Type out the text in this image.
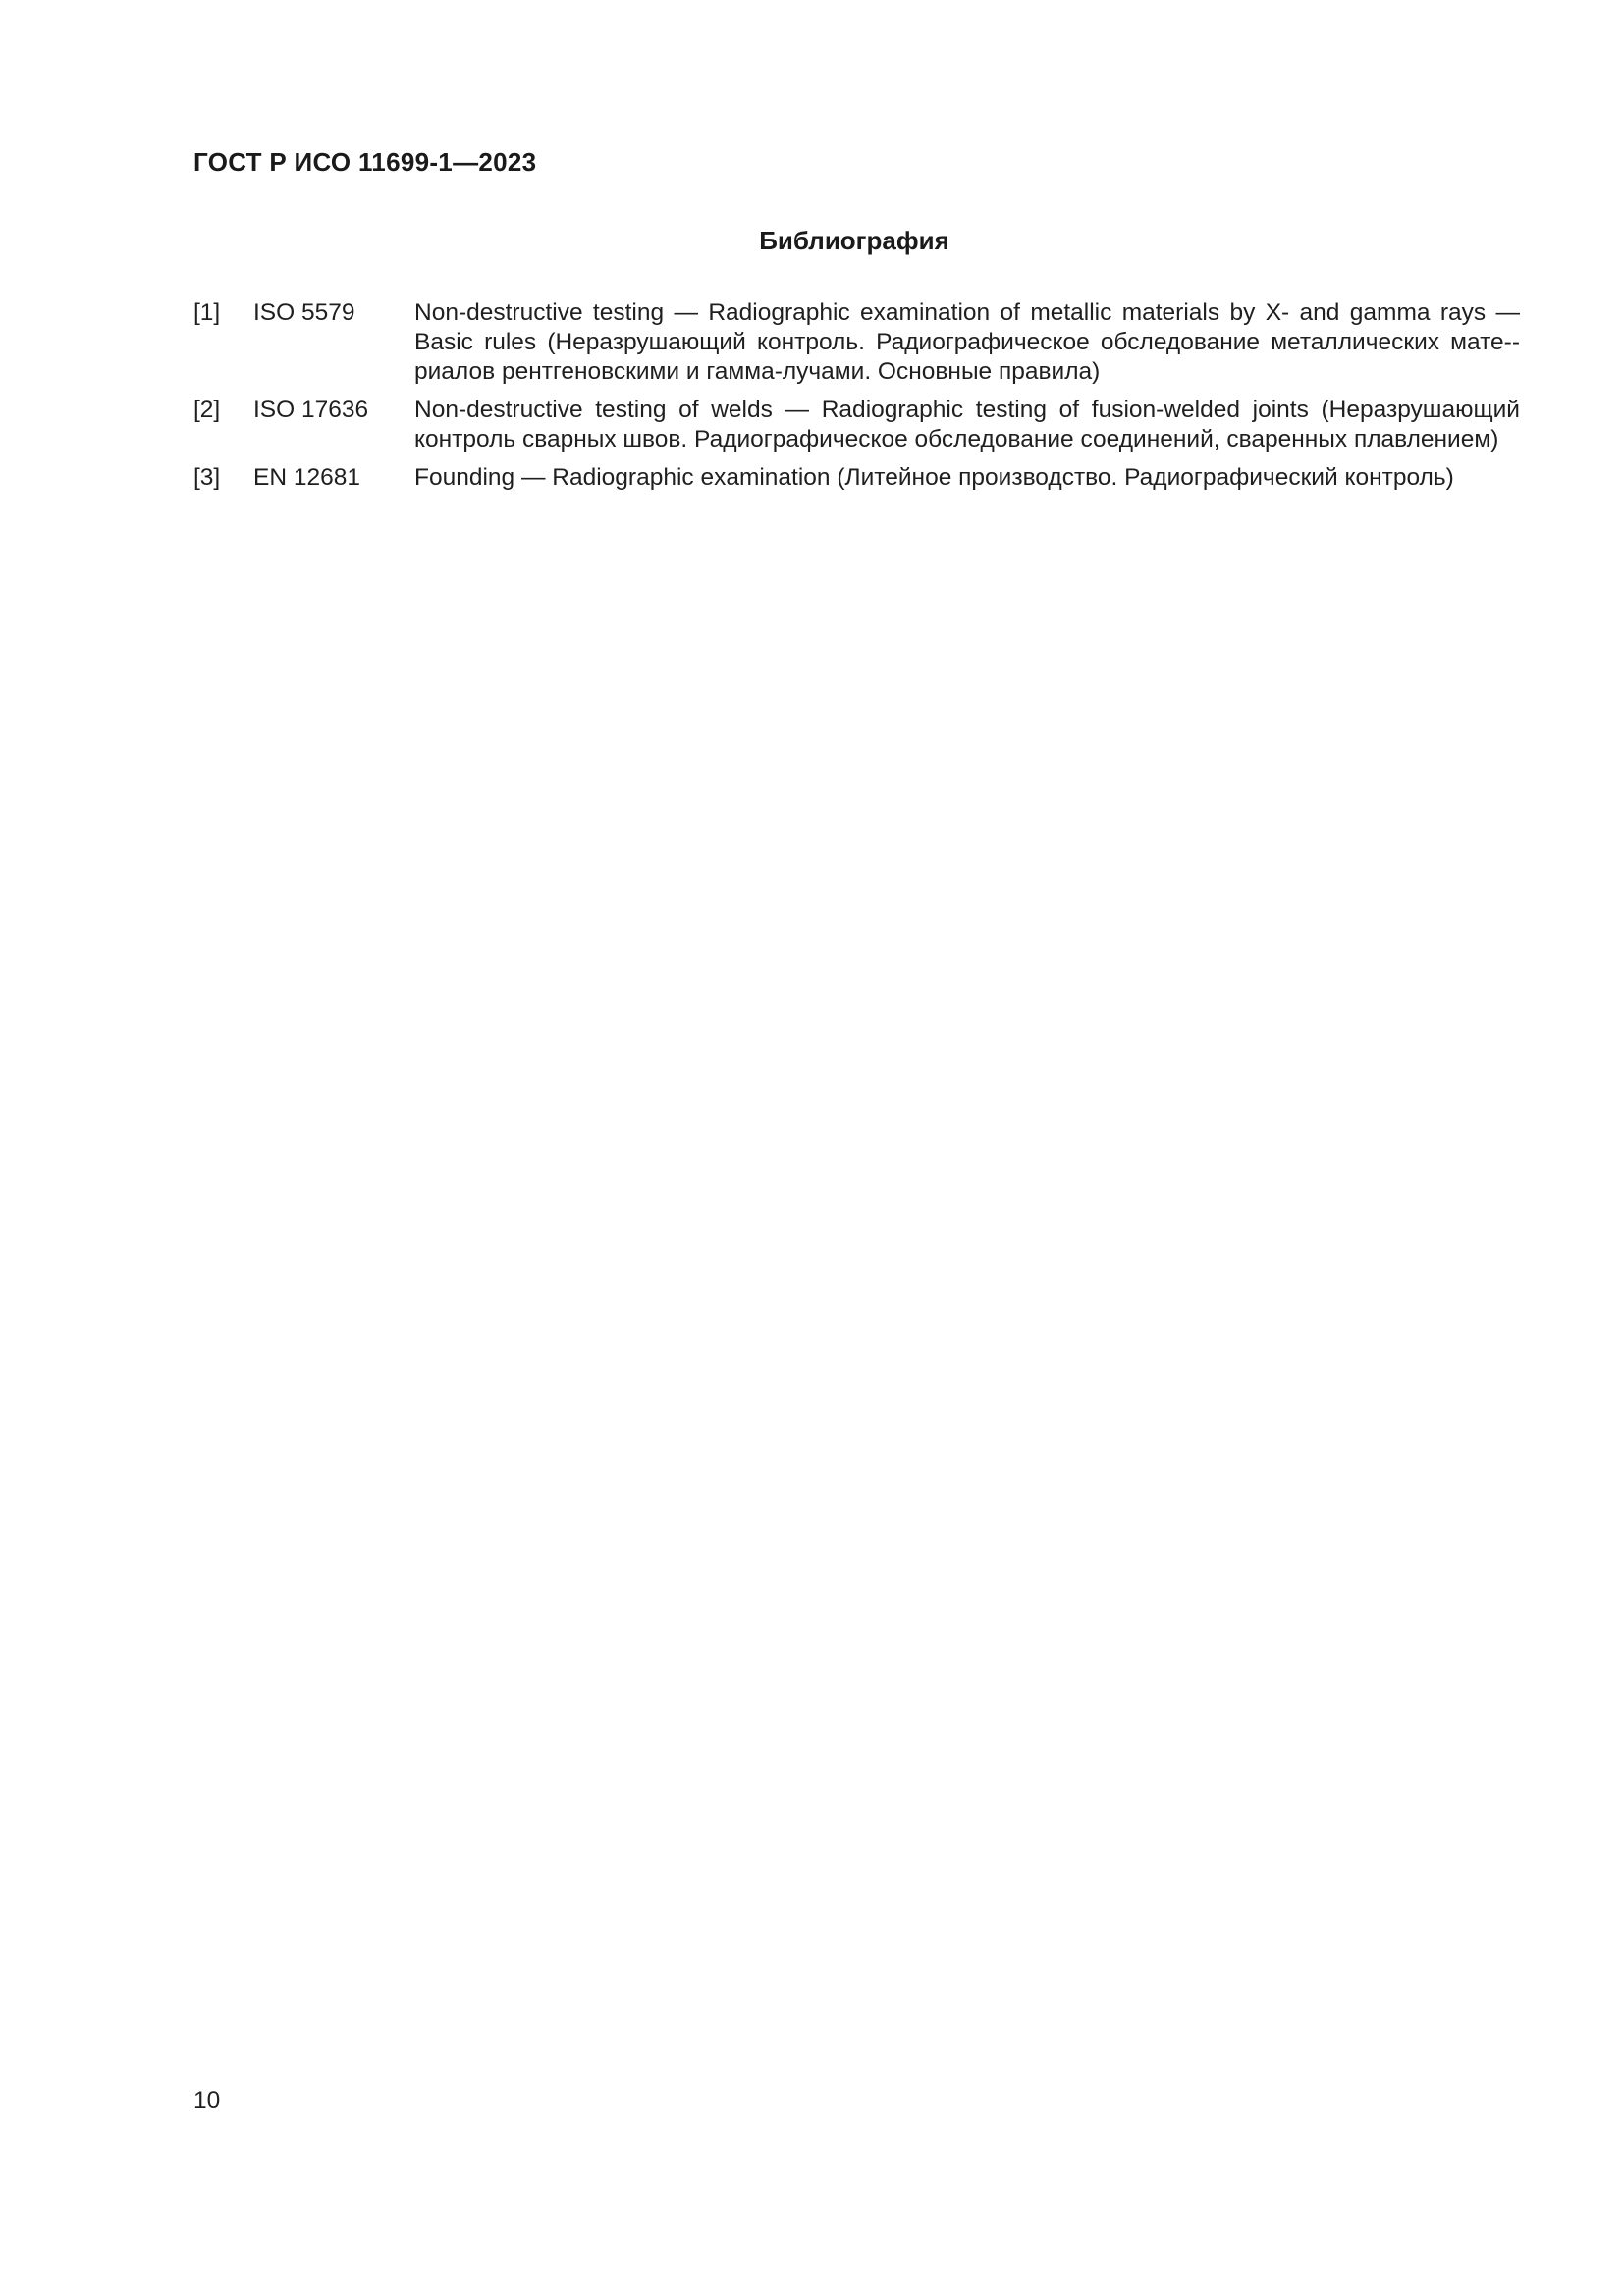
ГОСТ Р ИСО 11699-1—2023
Библиография
[1]	ISO 5579	Non-destructive testing — Radiographic examination of metallic materials by X- and gamma rays — Basic rules (Неразрушающий контроль. Радиографическое обследование металлических мате-риалов рентгеновскими и гамма-лучами. Основные правила)
[2]	ISO 17636	Non-destructive testing of welds — Radiographic testing of fusion-welded joints (Неразрушающий контроль сварных швов. Радиографическое обследование соединений, сваренных плавлением)
[3]	EN 12681	Founding — Radiographic examination (Литейное производство. Радиографический контроль)
10
